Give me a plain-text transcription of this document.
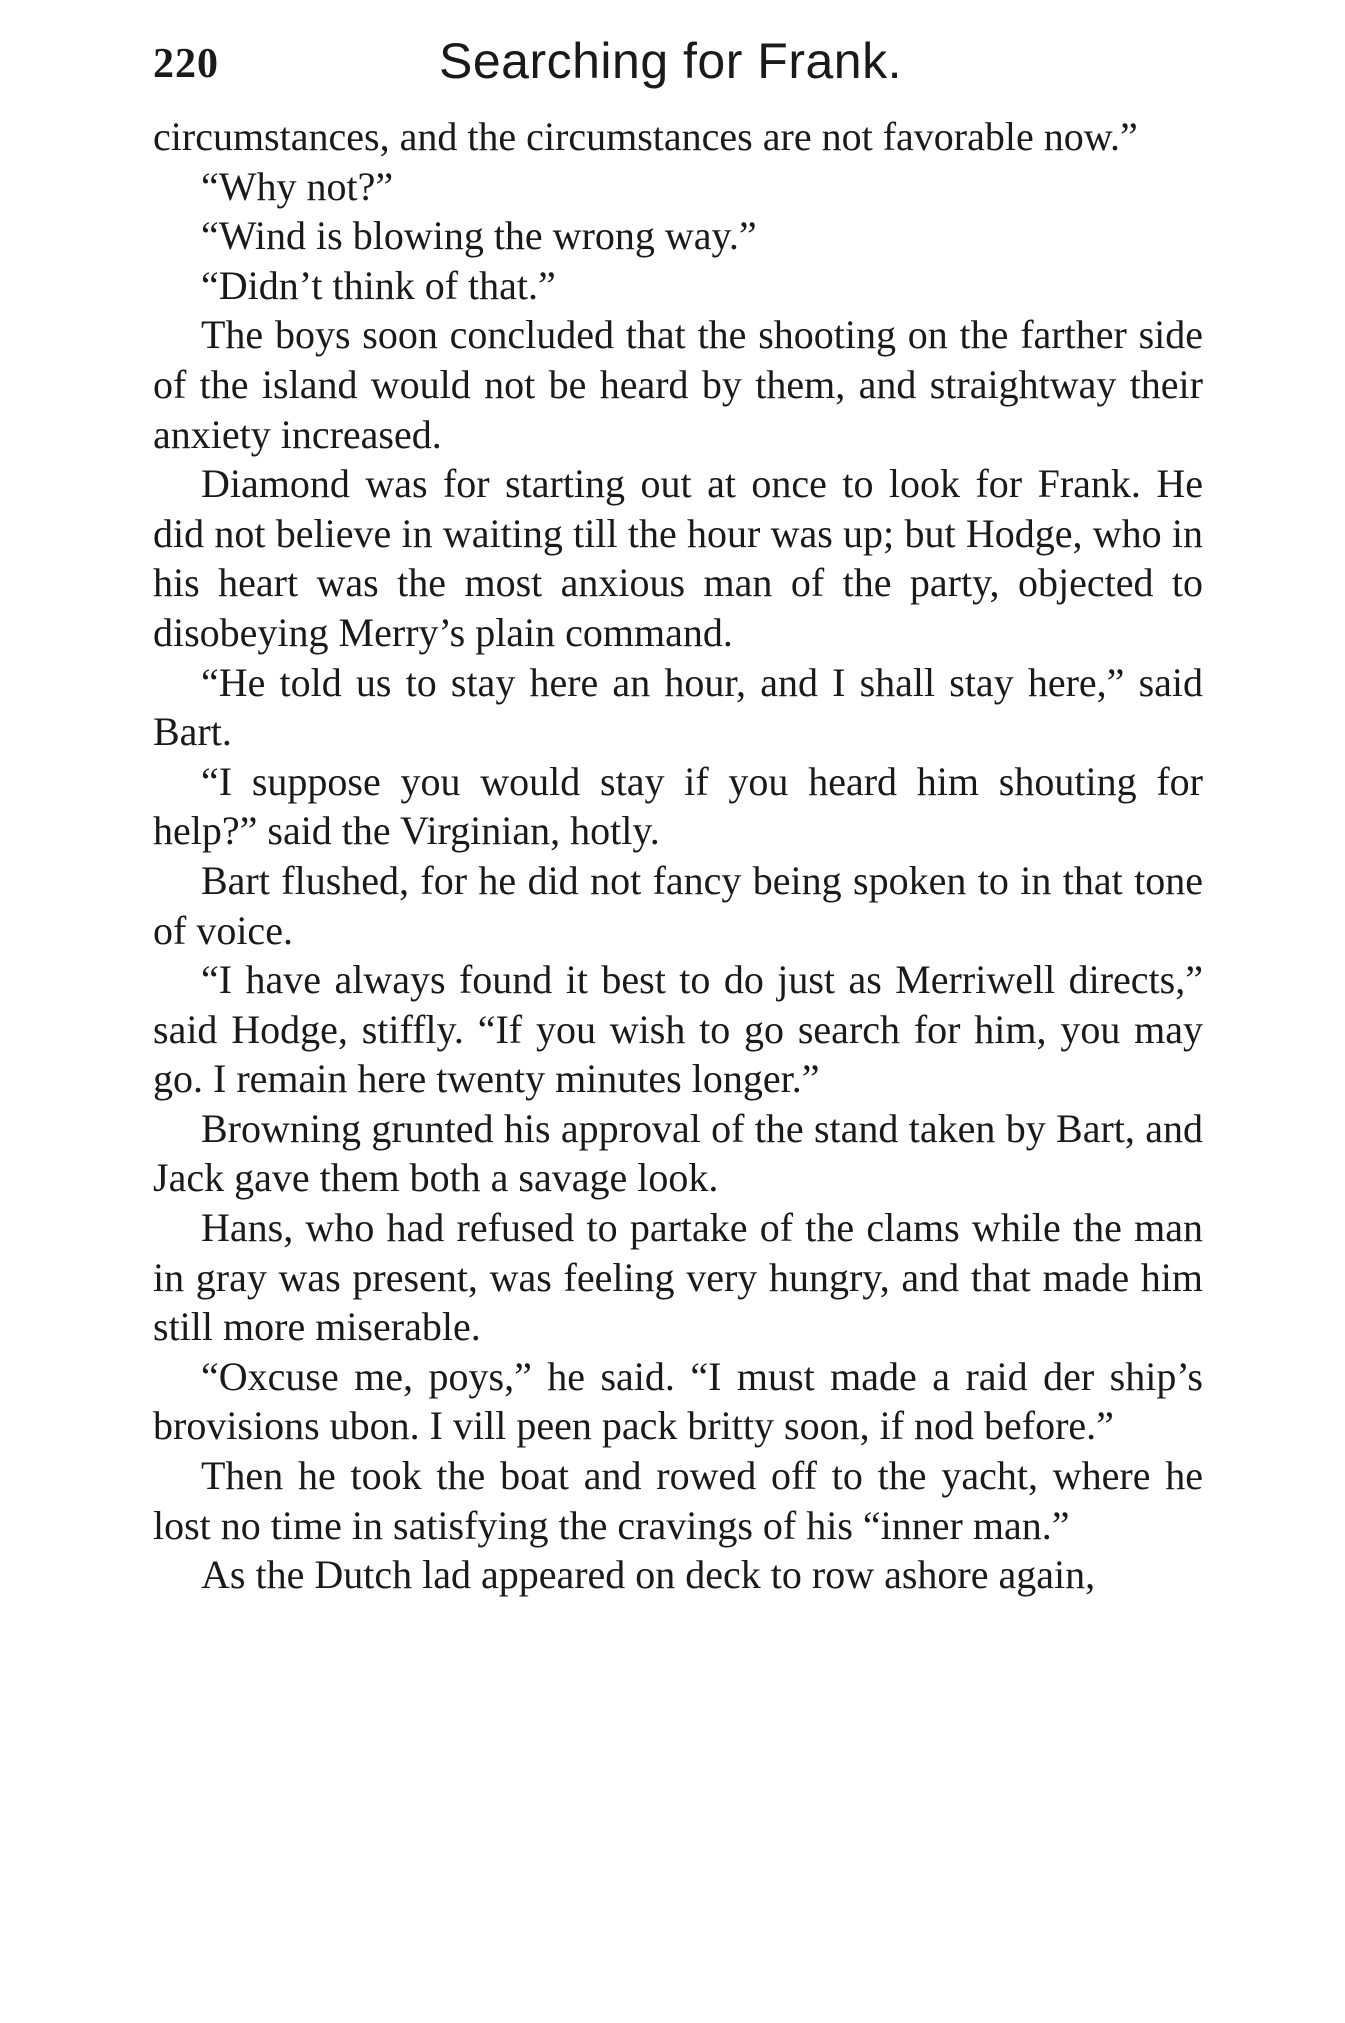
220	Searching for Frank.

circumstances, and the circumstances are not favorable now.”

“Why not?”

“Wind is blowing the wrong way.”

“Didn’t think of that.”

The boys soon concluded that the shooting on the farther side of the island would not be heard by them, and straightway their anxiety increased.

Diamond was for starting out at once to look for Frank. He did not believe in waiting till the hour was up; but Hodge, who in his heart was the most anxious man of the party, objected to disobeying Merry’s plain command.

“He told us to stay here an hour, and I shall stay here,” said Bart.

“I suppose you would stay if you heard him shouting for help?” said the Virginian, hotly.

Bart flushed, for he did not fancy being spoken to in that tone of voice.

“I have always found it best to do just as Merriwell directs,” said Hodge, stiffly. “If you wish to go search for him, you may go. I remain here twenty minutes longer.”

Browning grunted his approval of the stand taken by Bart, and Jack gave them both a savage look.

Hans, who had refused to partake of the clams while the man in gray was present, was feeling very hungry, and that made him still more miserable.

“Oxcuse me, poys,” he said. “I must made a raid der ship’s brovisions ubon. I vill peen pack britty soon, if nod before.”

Then he took the boat and rowed off to the yacht, where he lost no time in satisfying the cravings of his “inner man.”

As the Dutch lad appeared on deck to row ashore again,
